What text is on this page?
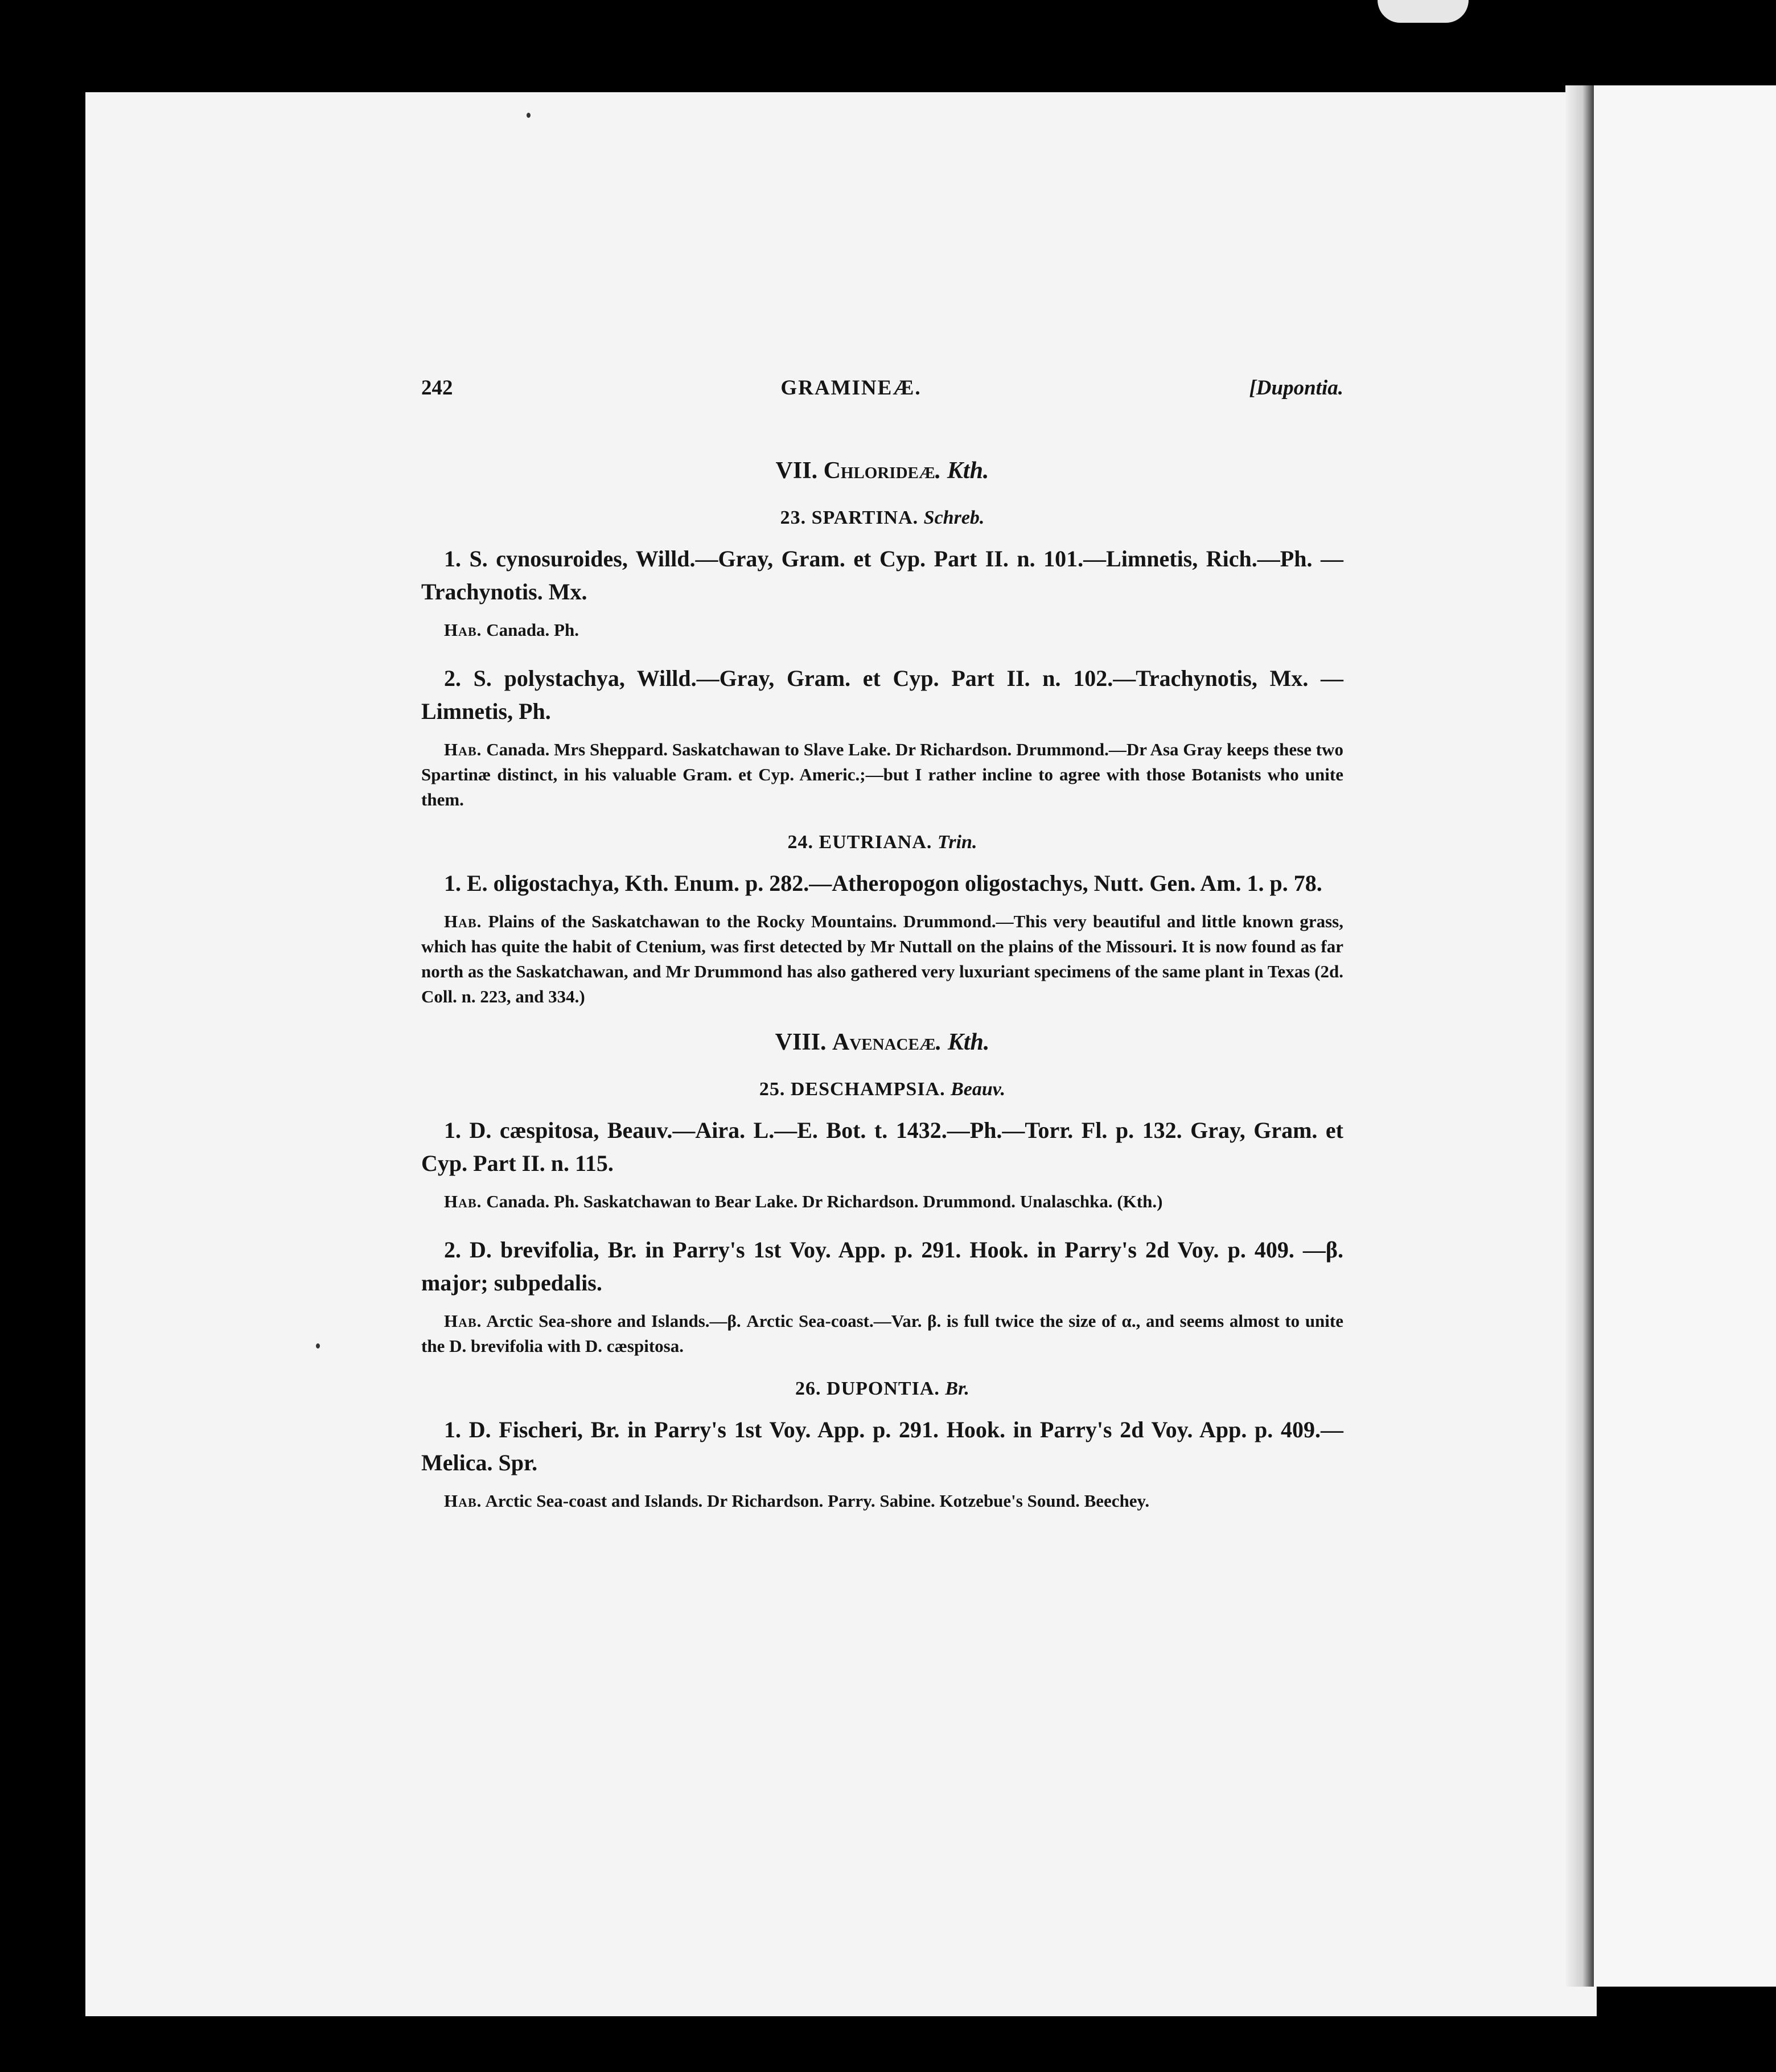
242	GRAMINEÆ.	[Dupontia.
VII. Chlorideæ. Kth.
23. SPARTINA. Schreb.

1. S. cynosuroides, Willd.—Gray, Gram. et Cyp. Part II. n. 101.—Limnetis, Rich.—Ph. —Trachynotis. Mx.

Hab. Canada. Ph.

2. S. polystachya, Willd.—Gray, Gram. et Cyp. Part II. n. 102.—Trachynotis, Mx. —Limnetis, Ph.

Hab. Canada. Mrs Sheppard. Saskatchawan to Slave Lake. Dr Richardson. Drummond.—Dr Asa Gray keeps these two Spartinæ distinct, in his valuable Gram. et Cyp. Americ.;—but I rather incline to agree with those Botanists who unite them.

24. EUTRIANA. Trin.

1. E. oligostachya, Kth. Enum. p. 282.—Atheropogon oligostachys, Nutt. Gen. Am. 1. p. 78.

Hab. Plains of the Saskatchawan to the Rocky Mountains. Drummond.—This very beautiful and little known grass, which has quite the habit of Ctenium, was first detected by Mr Nuttall on the plains of the Missouri. It is now found as far north as the Saskatchawan, and Mr Drummond has also gathered very luxuriant specimens of the same plant in Texas (2d. Coll. n. 223, and 334.)

VIII. Avenaceæ. Kth.
25. DESCHAMPSIA. Beauv.

1. D. cæspitosa, Beauv.—Aira. L.—E. Bot. t. 1432.—Ph.—Torr. Fl. p. 132. Gray, Gram. et Cyp. Part II. n. 115.

Hab. Canada. Ph. Saskatchawan to Bear Lake. Dr Richardson. Drummond. Unalaschka. (Kth.)

2. D. brevifolia, Br. in Parry's 1st Voy. App. p. 291. Hook. in Parry's 2d Voy. p. 409. —β. major; subpedalis.

Hab. Arctic Sea-shore and Islands.—β. Arctic Sea-coast.—Var. β. is full twice the size of α., and seems almost to unite the D. brevifolia with D. cæspitosa.

26. DUPONTIA. Br.

1. D. Fischeri, Br. in Parry's 1st Voy. App. p. 291. Hook. in Parry's 2d Voy. App. p. 409.—Melica. Spr.

Hab. Arctic Sea-coast and Islands. Dr Richardson. Parry. Sabine. Kotzebue's Sound. Beechey.
